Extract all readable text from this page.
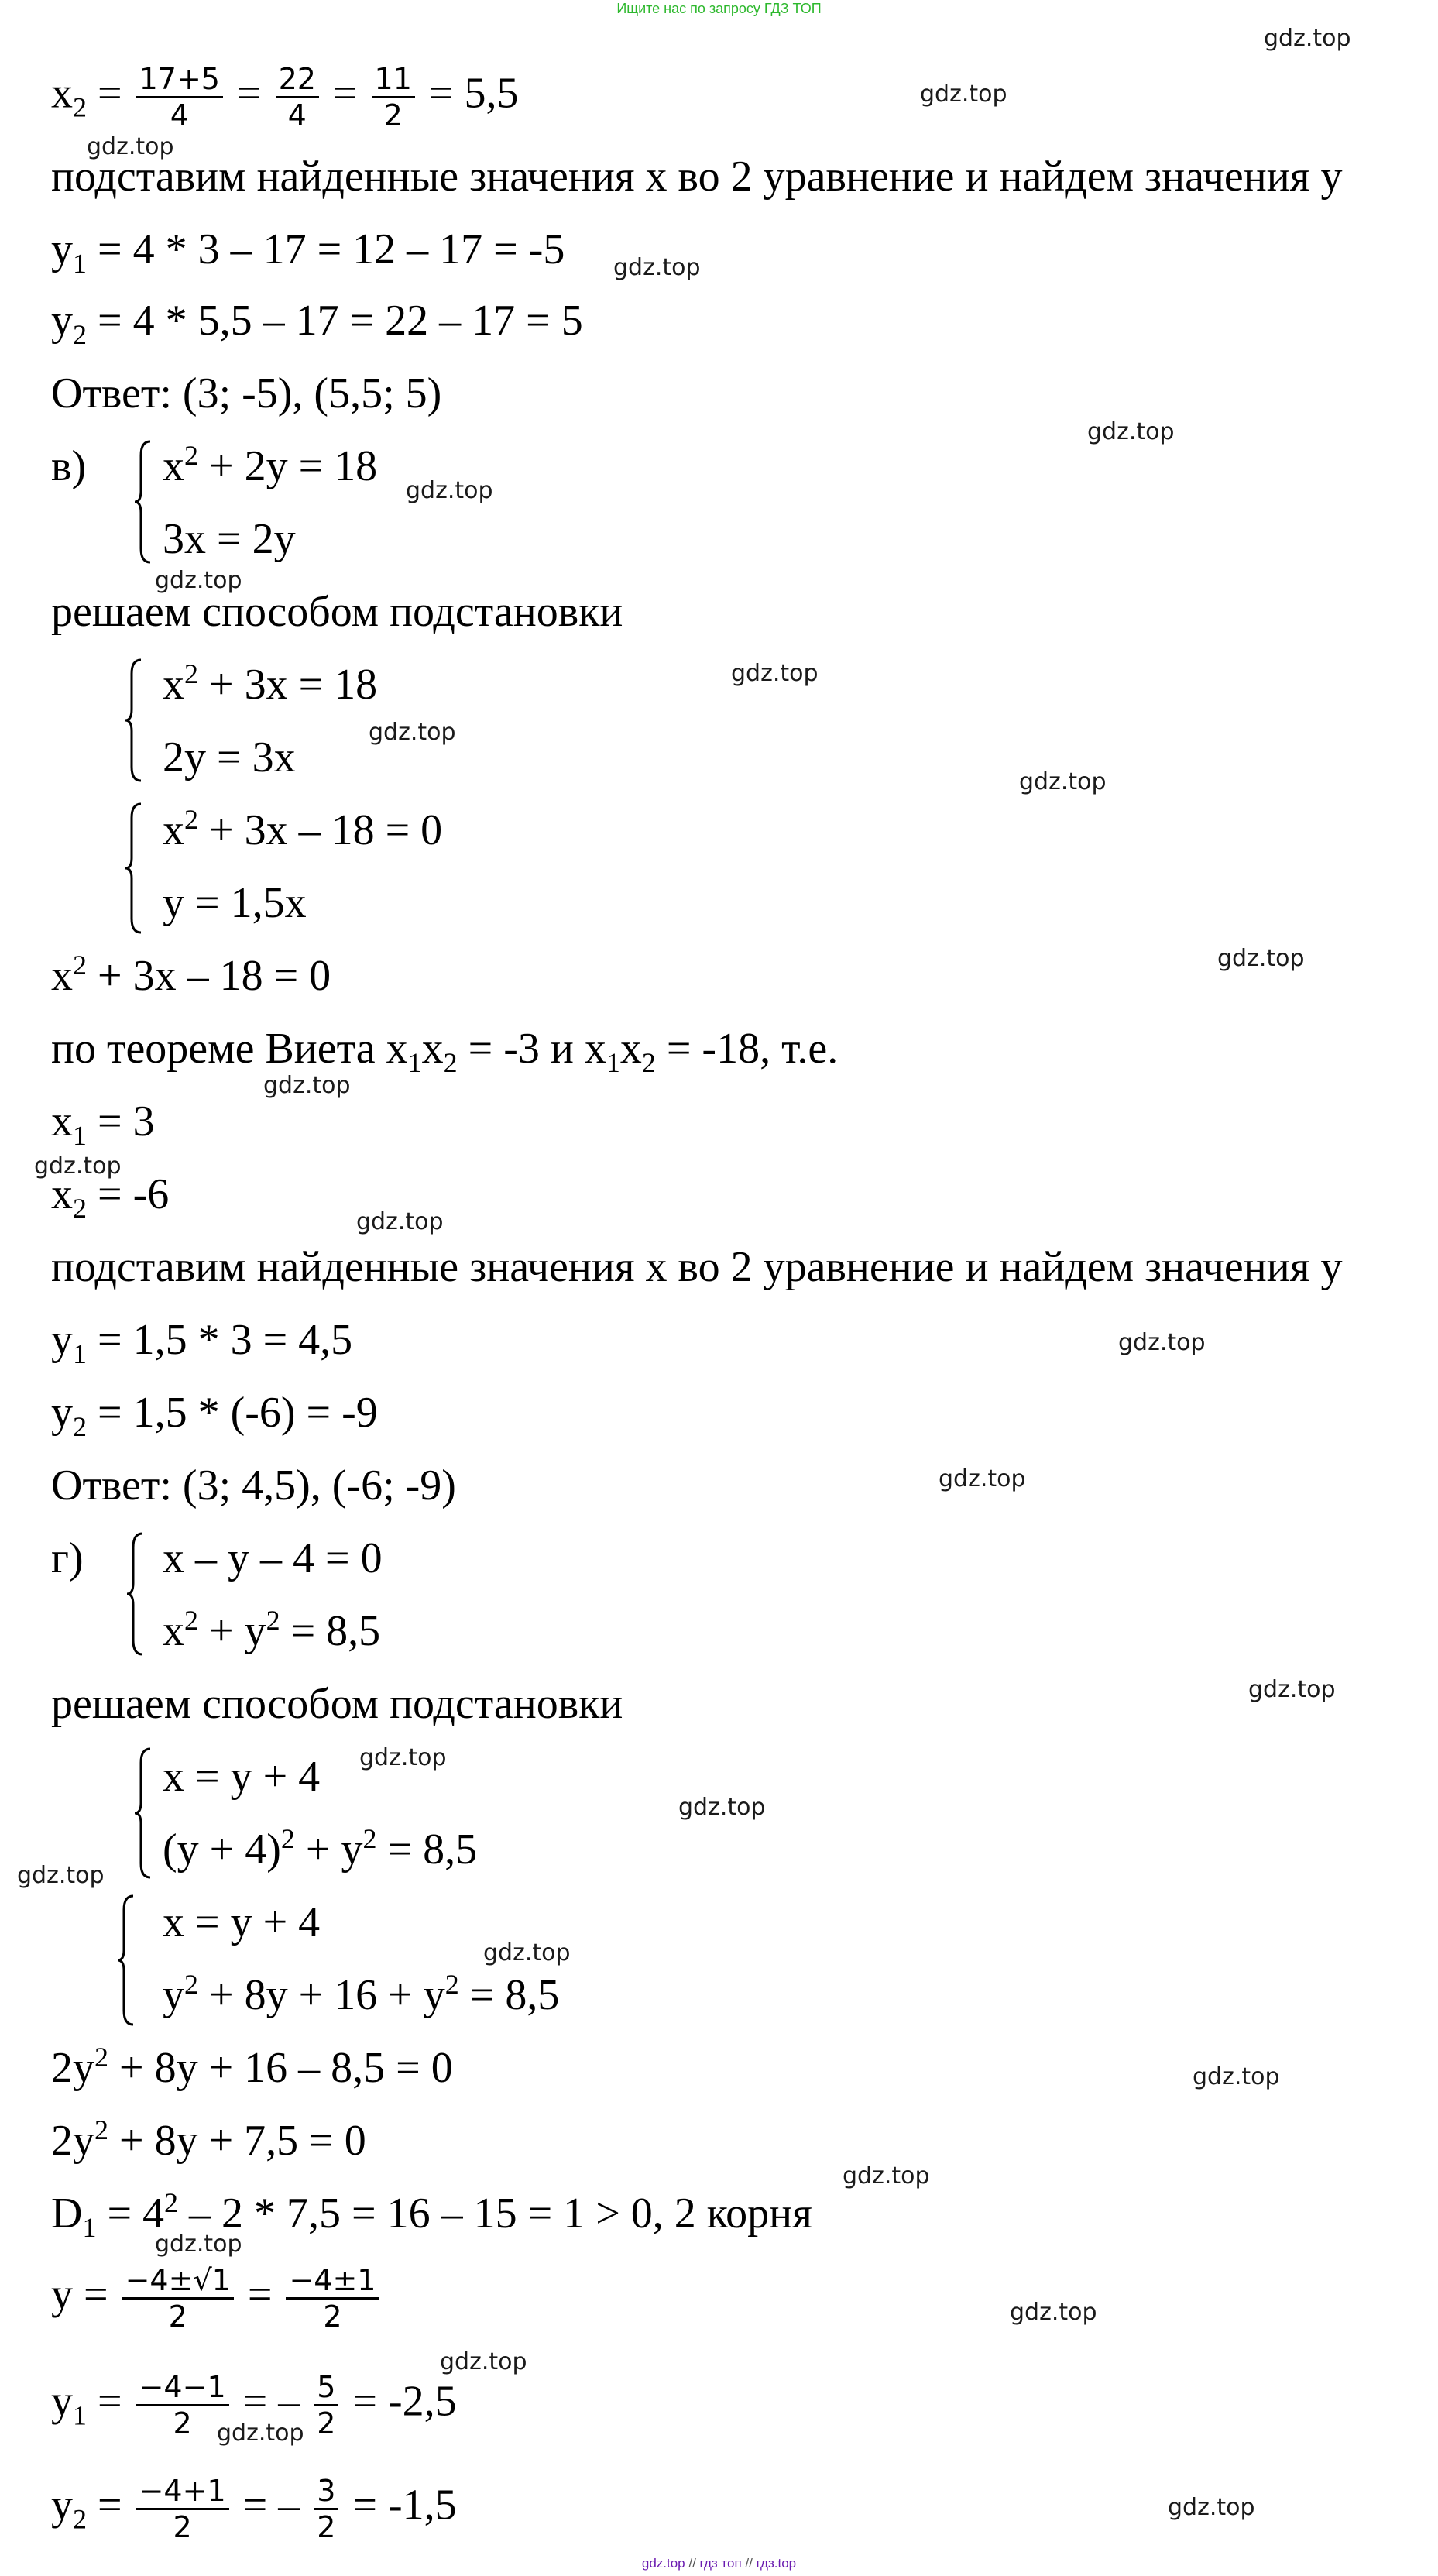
Ищите нас по запросу ГДЗ ТОП
$x_2 = \frac{17+5}{4} = \frac{22}{4} = \frac{11}{2} = 5,5$
подставим найденные значения x во 2 уравнение и найдем значения y
$y_1 = 4 * 3 - 17 = 12 - 17 = -5$
$y_2 = 4 * 5,5 - 17 = 22 - 17 = 5$
Ответ: (3; -5), (5,5; 5)
в) $x^2 + 2y = 18$
3x = 2y
решаем способом подстановки
$x^2 + 3x = 18$
2y = 3x
$x^2 + 3x - 18 = 0$
y = 1,5x
$x^2 + 3x - 18 = 0$
по теореме Виета $x_1x_2 = -3$ и $x_1x_2 = -18$, т.е.
$x_1 = 3$
$x_2 = -6$
подставим найденные значения x во 2 уравнение и найдем значения y
$y_1 = 1,5 * 3 = 4,5$
$y_2 = 1,5 * (-6) = -9$
Ответ: (3; 4,5), (-6; -9)
г) x – y – 4 = 0
$x^2 + y^2 = 8,5$
решаем способом подстановки
x = y + 4
$(y + 4)^2 + y^2 = 8,5$
x = y + 4
$y^2 + 8y + 16 + y^2 = 8,5$
$2y^2 + 8y + 16 - 8,5 = 0$
$2y^2 + 8y + 7,5 = 0$
$D_1 = 4^2 - 2 * 7,5 = 16 - 15 = 1 > 0$, 2 корня
$y = \frac{-4\pm√1}{2} = \frac{-4\pm 1}{2}$
$y_1 = \frac{-4-1}{2}$ = – $\frac{5}{2} = -2,5$
$y_2 = \frac{-4+1}{2}$ = – $\frac{3}{2} = -1,5$
gdz.top
gdz.top
gdz.top
gdz.top
gdz.top
gdz.top
gdz.top
gdz.top
gdz.top
gdz.top
gdz.top
gdz.top
gdz.top
gdz.top
gdz.top
gdz.top
gdz.top
gdz.top
gdz.top
gdz.top
gdz.top
gdz.top
gdz.top
gdz.top
gdz.top
gdz.top
gdz.top
gdz.top
gdz.top // гдз топ // гдз.top
